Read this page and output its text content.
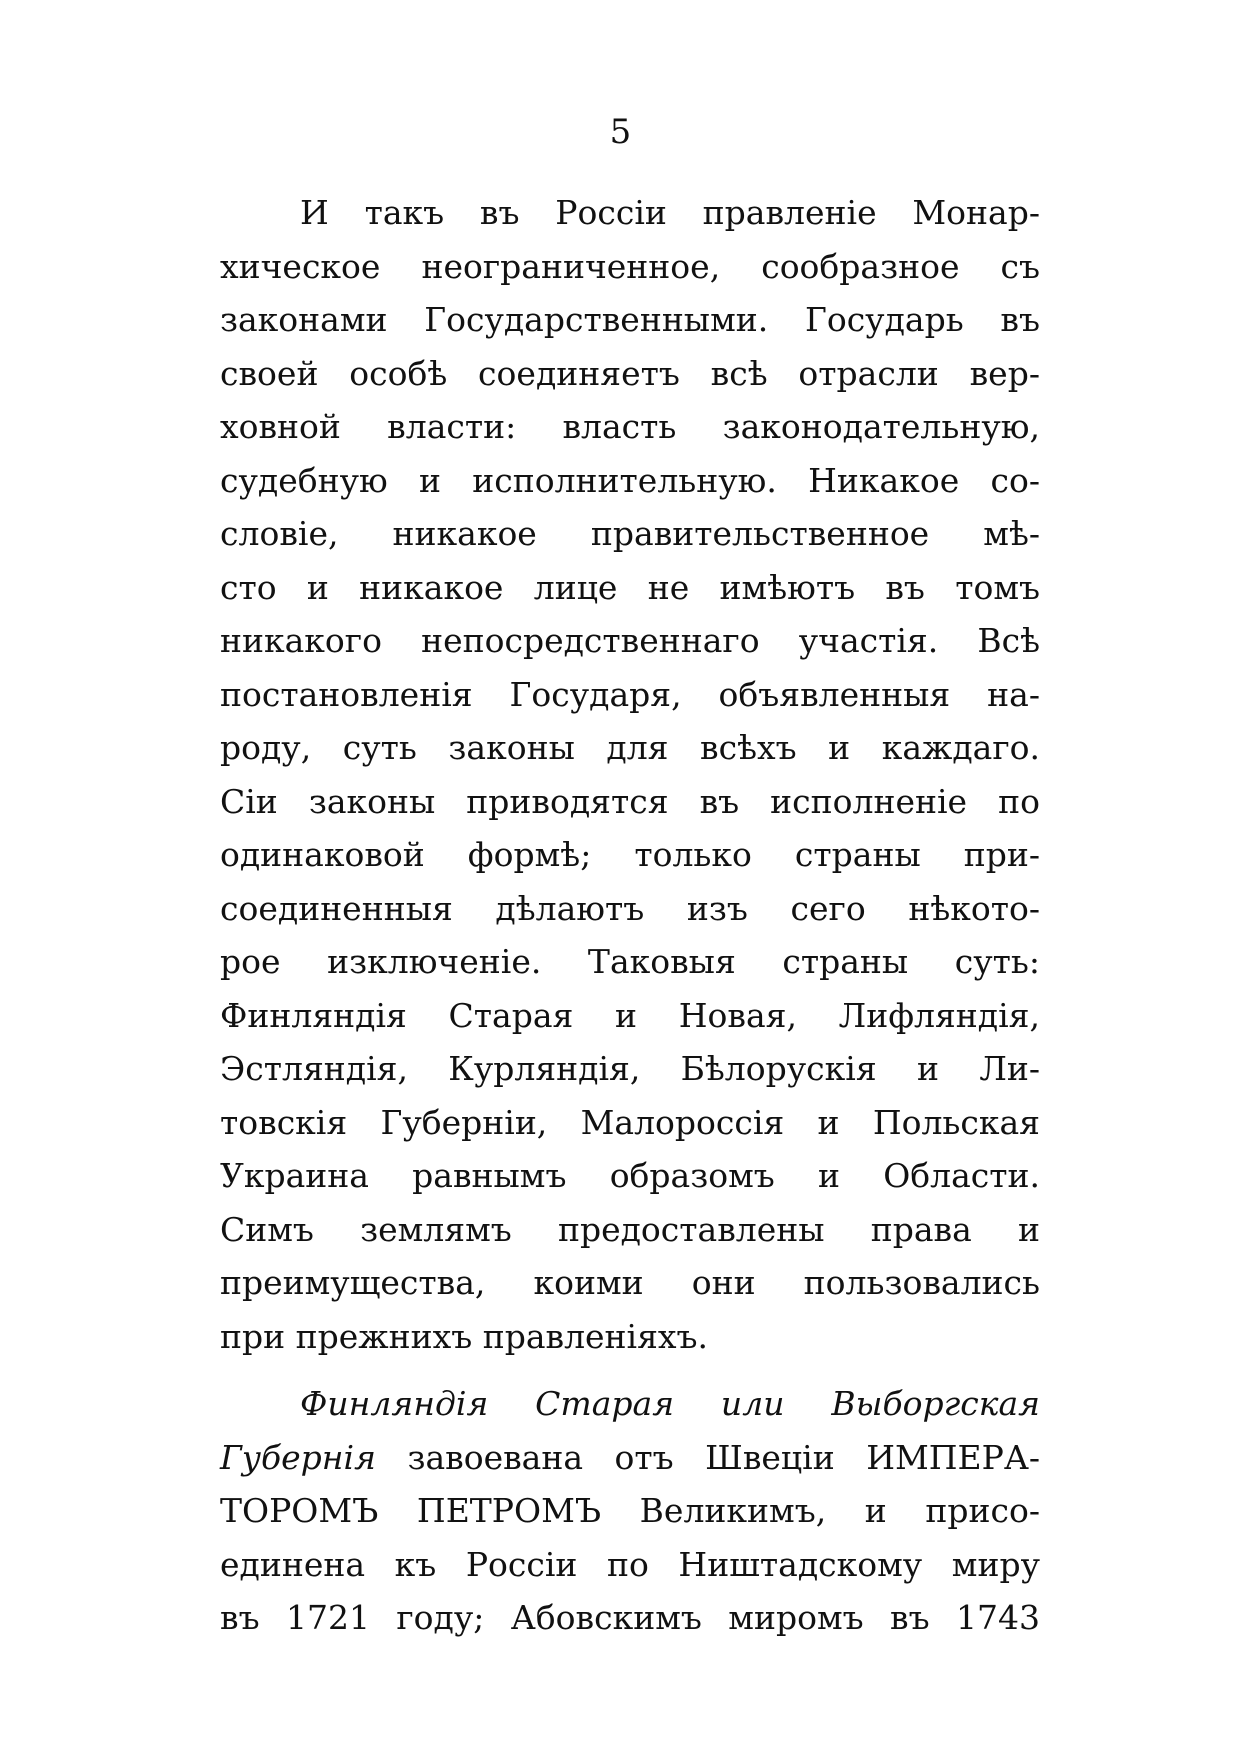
5
И такъ въ Россіи правленіе Монар-
хическое неограниченное, сообразное съ
законами Государственными. Государь въ
своей особѣ соединяетъ всѣ отрасли вер-
ховной власти: власть законодательную,
судебную и исполнительную. Никакое со-
словіе, никакое правительственное мѣ-
сто и никакое лице не имѣютъ въ томъ
никакого непосредственнаго участія. Всѣ
постановленія Государя, объявленныя на-
роду, суть законы для всѣхъ и каждаго.
Сіи законы приводятся въ исполненіе по
одинаковой формѣ; только страны при-
соединенныя дѣлаютъ изъ сего нѣкото-
рое изключеніе. Таковыя страны суть:
Финляндія Старая и Новая, Лифляндія,
Эстляндія, Курляндія, Бѣлорускія и Ли-
товскія Губерніи, Малороссія и Польская
Украина равнымъ образомъ и Области.
Симъ землямъ предоставлены права и
преимущества, коими они пользовались
при прежнихъ правленіяхъ.
Финляндія Старая или Выборгская
Губернія завоевана отъ Швеціи ИМПЕРА-
ТОРОМЪ ПЕТРОМЪ Великимъ, и присо-
единена къ Россіи по Ништадскому миру
въ 1721 году; Абовскимъ миромъ въ 1743
